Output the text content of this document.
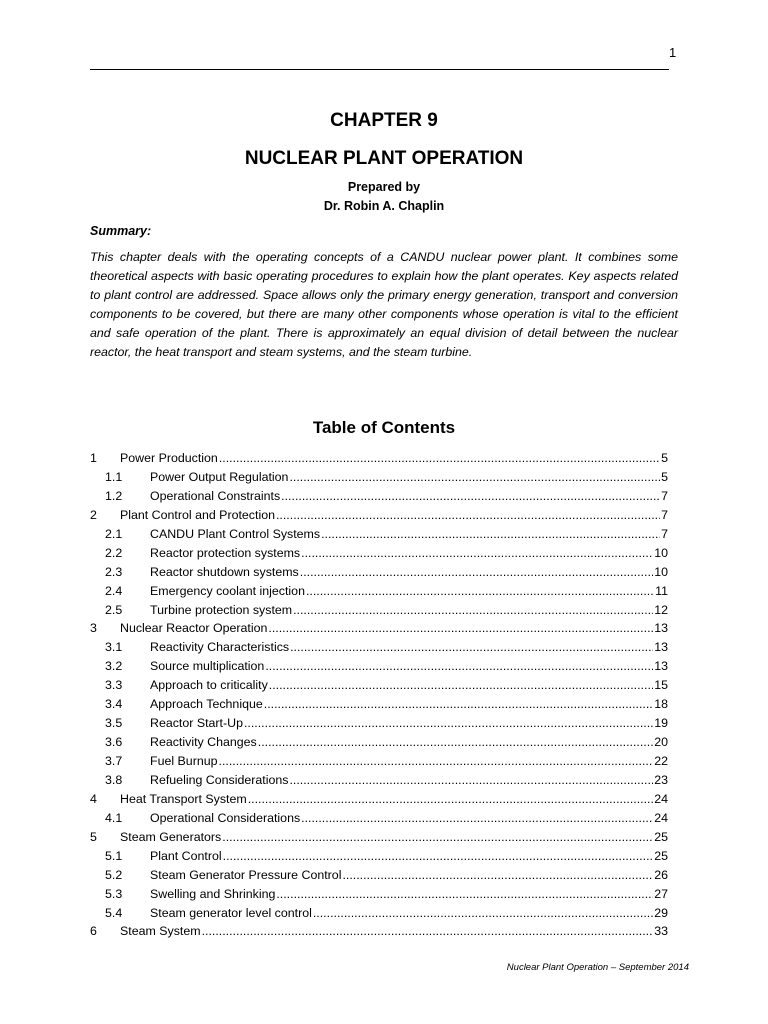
1
CHAPTER 9
NUCLEAR PLANT OPERATION
Prepared by
Dr. Robin A. Chaplin
Summary:

This chapter deals with the operating concepts of a CANDU nuclear power plant. It combines some theoretical aspects with basic operating procedures to explain how the plant operates. Key aspects related to plant control are addressed. Space allows only the primary energy generation, transport and conversion components to be covered, but there are many other components whose operation is vital to the efficient and safe operation of the plant. There is approximately an equal division of detail between the nuclear reactor, the heat transport and steam systems, and the steam turbine.

Table of Contents
1	Power Production .....	5
1.1	Power Output Regulation .....	5
1.2	Operational Constraints .....	7
2	Plant Control and Protection .....	7
2.1	CANDU Plant Control Systems .....	7
2.2	Reactor protection systems .....	10
2.3	Reactor shutdown systems .....	10
2.4	Emergency coolant injection .....	11
2.5	Turbine protection system .....	12
3	Nuclear Reactor Operation .....	13
3.1	Reactivity Characteristics .....	13
3.2	Source multiplication .....	13
3.3	Approach to criticality .....	15
3.4	Approach Technique .....	18
3.5	Reactor Start-Up .....	19
3.6	Reactivity Changes .....	20
3.7	Fuel Burnup .....	22
3.8	Refueling Considerations .....	23
4	Heat Transport System .....	24
4.1	Operational Considerations .....	24
5	Steam Generators .....	25
5.1	Plant Control .....	25
5.2	Steam Generator Pressure Control .....	26
5.3	Swelling and Shrinking .....	27
5.4	Steam generator level control .....	29
6	Steam System .....	33
Nuclear Plant Operation – September 2014
